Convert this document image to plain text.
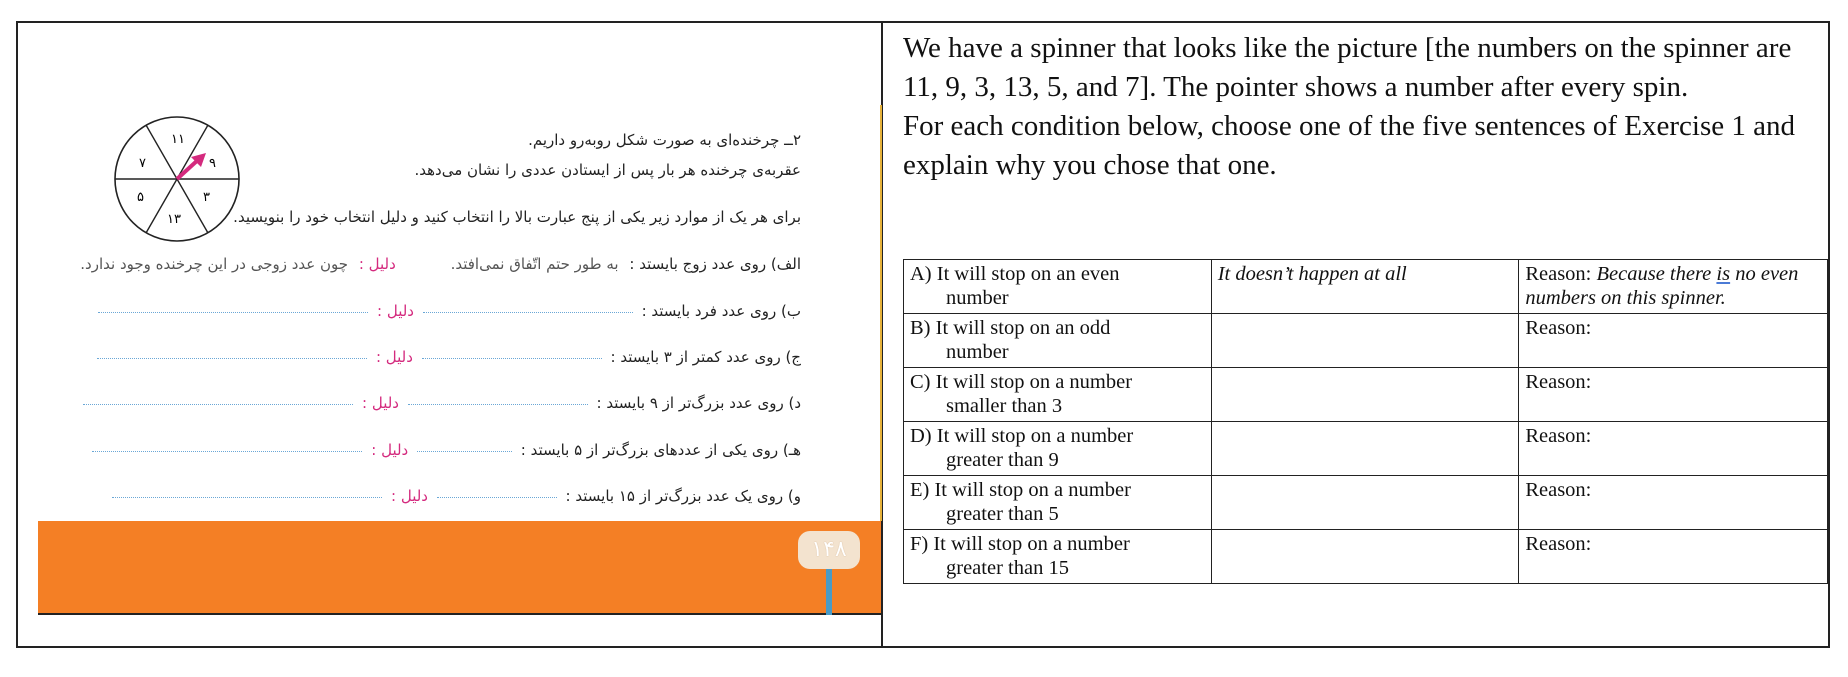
۱۱
۹
۳
۱۳
۵
۷
۲ــ چرخنده‌ای به صورت شکل روبه‌رو داریم.
عقربه‌ی چرخنده هر بار پس از ایستادن عددی را نشان می‌دهد.
برای هر یک از موارد زیر یکی از پنج عبارت بالا را انتخاب کنید و دلیل انتخاب خود را بنویسید.
الف) روی عدد زوج بایستد : به طور حتم اتّفاق نمی‌افتد. دلیل : چون عدد زوجی در این چرخنده وجود ندارد.
ب) روی عدد فرد بایستد :  دلیل :
ج) روی عدد کمتر از ۳ بایستد :  دلیل :
د) روی عدد بزرگ‌تر از ۹ بایستد :  دلیل :
هـ) روی یکی از عددهای بزرگ‌تر از ۵ بایستد :  دلیل :
و) روی یک عدد بزرگ‌تر از ۱۵ بایستد :  دلیل :
۱۴۸

We have a spinner that looks like the picture [the numbers on the spinner are 11, 9, 3, 13, 5, and 7]. The pointer shows a number after every spin.

For each condition below, choose one of the five sentences of Exercise 1 and explain why you chose that one.

A) It will stop on an even
number	It doesn’t happen at all	Reason: Because there is no even numbers on this spinner.
B) It will stop on an odd
number		Reason:
C) It will stop on a number
smaller than 3		Reason:
D) It will stop on a number
greater than 9		Reason:
E) It will stop on a number
greater than 5		Reason:
F) It will stop on a number
greater than 15		Reason:
